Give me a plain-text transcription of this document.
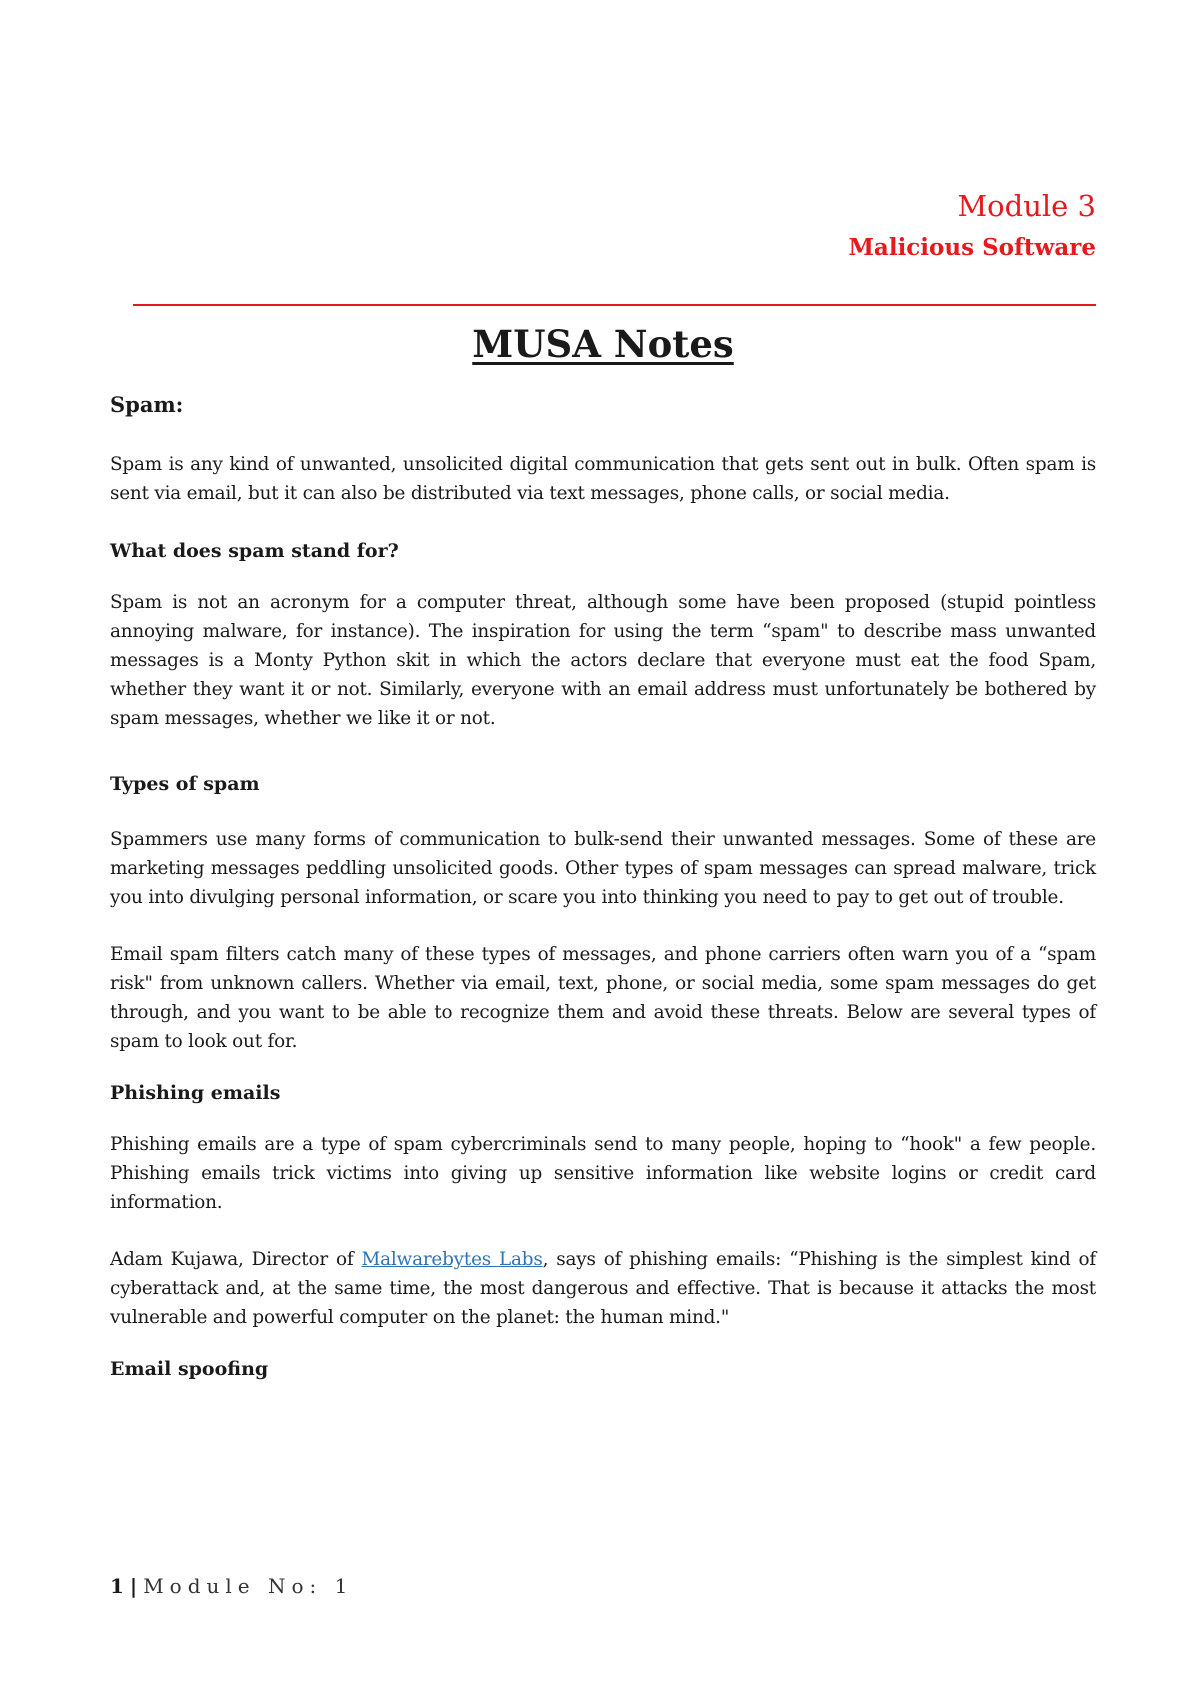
Module 3
Malicious Software
MUSA Notes
Spam:

Spam is any kind of unwanted, unsolicited digital communication that gets sent out in bulk. Often spam is sent via email, but it can also be distributed via text messages, phone calls, or social media.

What does spam stand for?

Spam is not an acronym for a computer threat, although some have been proposed (stupid pointless annoying malware, for instance). The inspiration for using the term “spam" to describe mass unwanted messages is a Monty Python skit in which the actors declare that everyone must eat the food Spam, whether they want it or not. Similarly, everyone with an email address must unfortunately be bothered by spam messages, whether we like it or not.

Types of spam

Spammers use many forms of communication to bulk-send their unwanted messages. Some of these are marketing messages peddling unsolicited goods. Other types of spam messages can spread malware, trick you into divulging personal information, or scare you into thinking you need to pay to get out of trouble.

Email spam filters catch many of these types of messages, and phone carriers often warn you of a “spam risk" from unknown callers. Whether via email, text, phone, or social media, some spam messages do get through, and you want to be able to recognize them and avoid these threats. Below are several types of spam to look out for.

Phishing emails

Phishing emails are a type of spam cybercriminals send to many people, hoping to “hook" a few people. Phishing emails trick victims into giving up sensitive information like website logins or credit card information.

Adam Kujawa, Director of Malwarebytes Labs, says of phishing emails: “Phishing is the simplest kind of cyberattack and, at the same time, the most dangerous and effective. That is because it attacks the most vulnerable and powerful computer on the planet: the human mind."

Email spoofing
1 | Module No: 1
